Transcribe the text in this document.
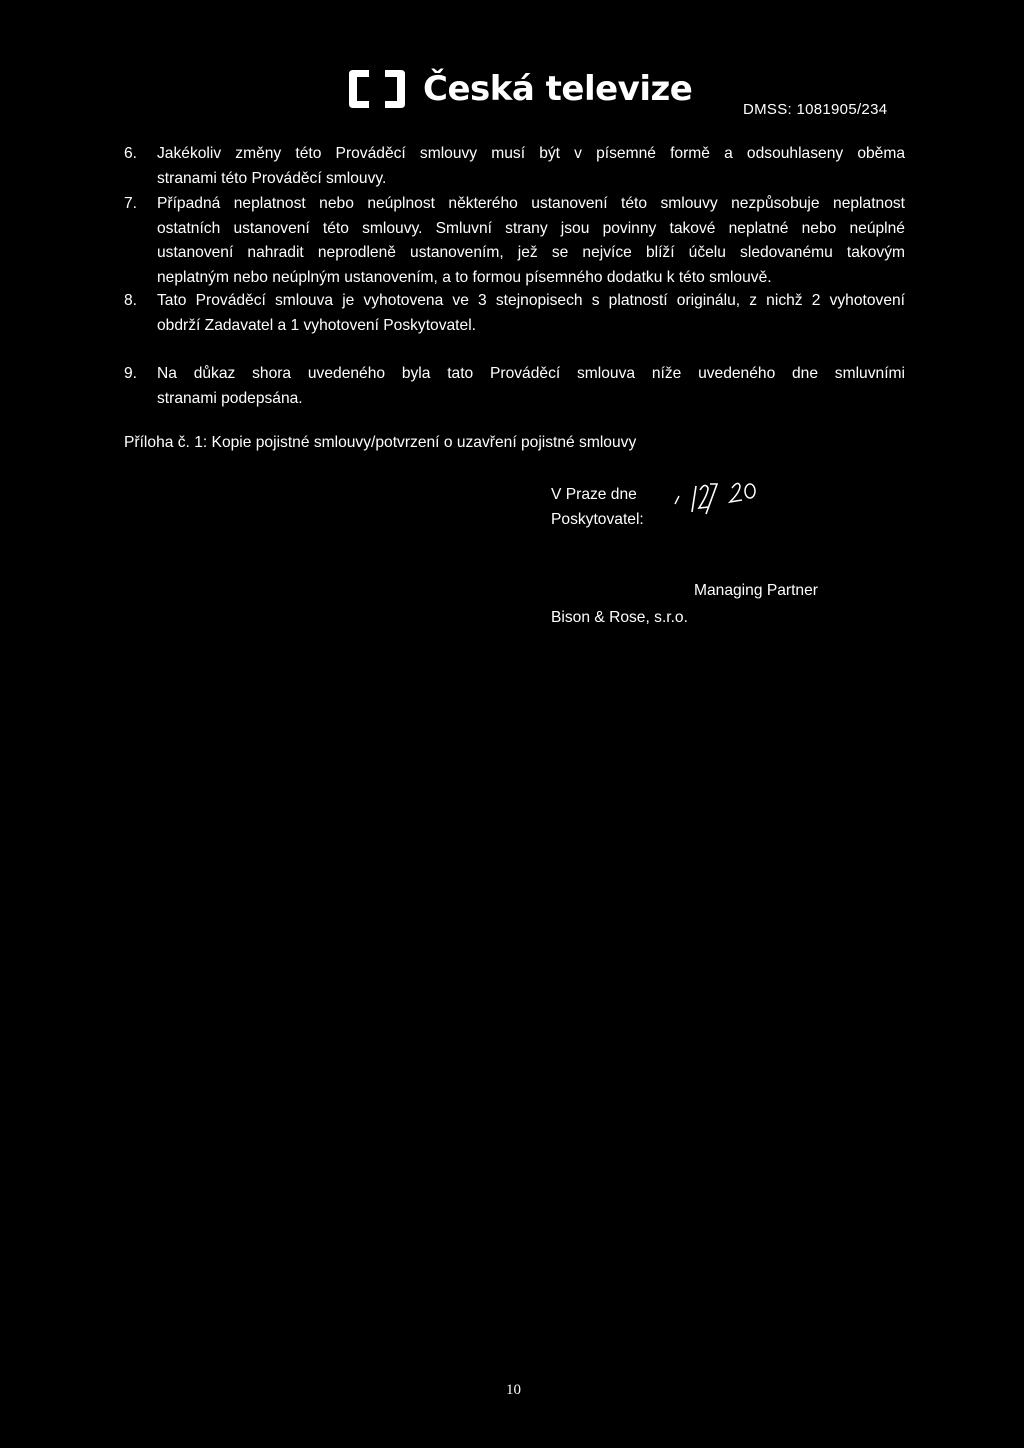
Česká televize
DMSS: 1081905/234
6. Jakékoliv změny této Prováděcí smlouvy musí být v písemné formě a odsouhlaseny oběma
stranami této Prováděcí smlouvy.
7. Případná neplatnost nebo neúplnost některého ustanovení této smlouvy nezpůsobuje neplatnost
ostatních ustanovení této smlouvy. Smluvní strany jsou povinny takové neplatné nebo neúplné
ustanovení nahradit neprodleně ustanovením, jež se nejvíce blíží účelu sledovanému takovým
neplatným nebo neúplným ustanovením, a to formou písemného dodatku k této smlouvě.
8. Tato Prováděcí smlouva je vyhotovena ve 3 stejnopisech s platností originálu, z nichž 2 vyhotovení
obdrží Zadavatel a 1 vyhotovení Poskytovatel.
9. Na důkaz shora uvedeného byla tato Prováděcí smlouva níže uvedeného dne smluvními
stranami podepsána.
Příloha č. 1: Kopie pojistné smlouvy/potvrzení o uzavření pojistné smlouvy
V Praze dne
Poskytovatel:
Managing Partner
Bison & Rose, s.r.o.
10
